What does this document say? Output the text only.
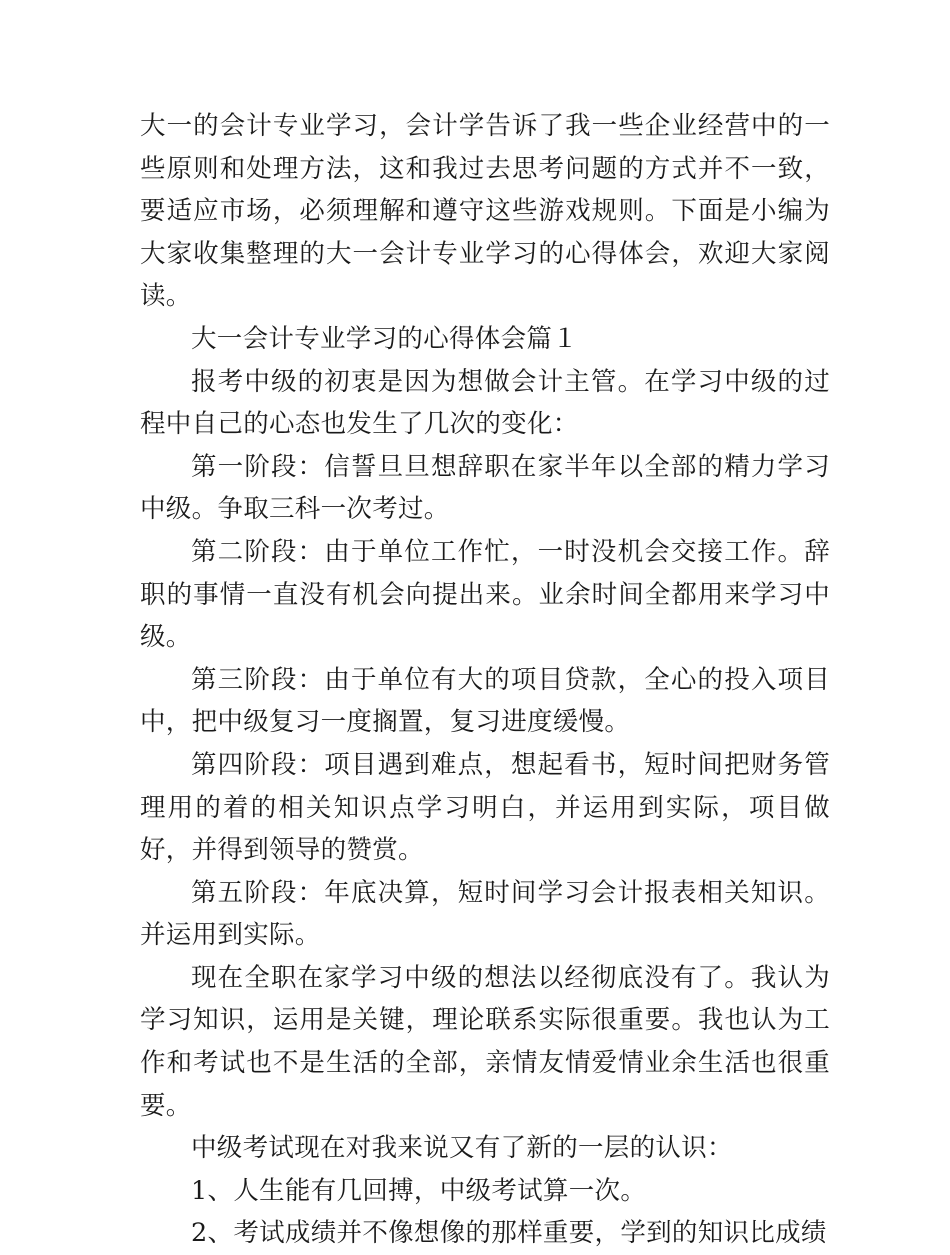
大一的会计专业学习，会计学告诉了我一些企业经营中的一些原则和处理方法，这和我过去思考问题的方式并不一致，要适应市场，必须理解和遵守这些游戏规则。下面是小编为大家收集整理的大一会计专业学习的心得体会，欢迎大家阅读。

大一会计专业学习的心得体会篇１

报考中级的初衷是因为想做会计主管。在学习中级的过程中自己的心态也发生了几次的变化：

第一阶段：信誓旦旦想辞职在家半年以全部的精力学习中级。争取三科一次考过。

第二阶段：由于单位工作忙，一时没机会交接工作。辞职的事情一直没有机会向提出来。业余时间全都用来学习中级。

第三阶段：由于单位有大的项目贷款，全心的投入项目中，把中级复习一度搁置，复习进度缓慢。

第四阶段：项目遇到难点，想起看书，短时间把财务管理用的着的相关知识点学习明白，并运用到实际，项目做好，并得到领导的赞赏。

第五阶段：年底决算，短时间学习会计报表相关知识。并运用到实际。

现在全职在家学习中级的想法以经彻底没有了。我认为学习知识，运用是关键，理论联系实际很重要。我也认为工作和考试也不是生活的全部，亲情友情爱情业余生活也很重要。

中级考试现在对我来说又有了新的一层的认识：

1、人生能有几回搏，中级考试算一次。

2、考试成绩并不像想像的那样重要，学到的知识比成绩
